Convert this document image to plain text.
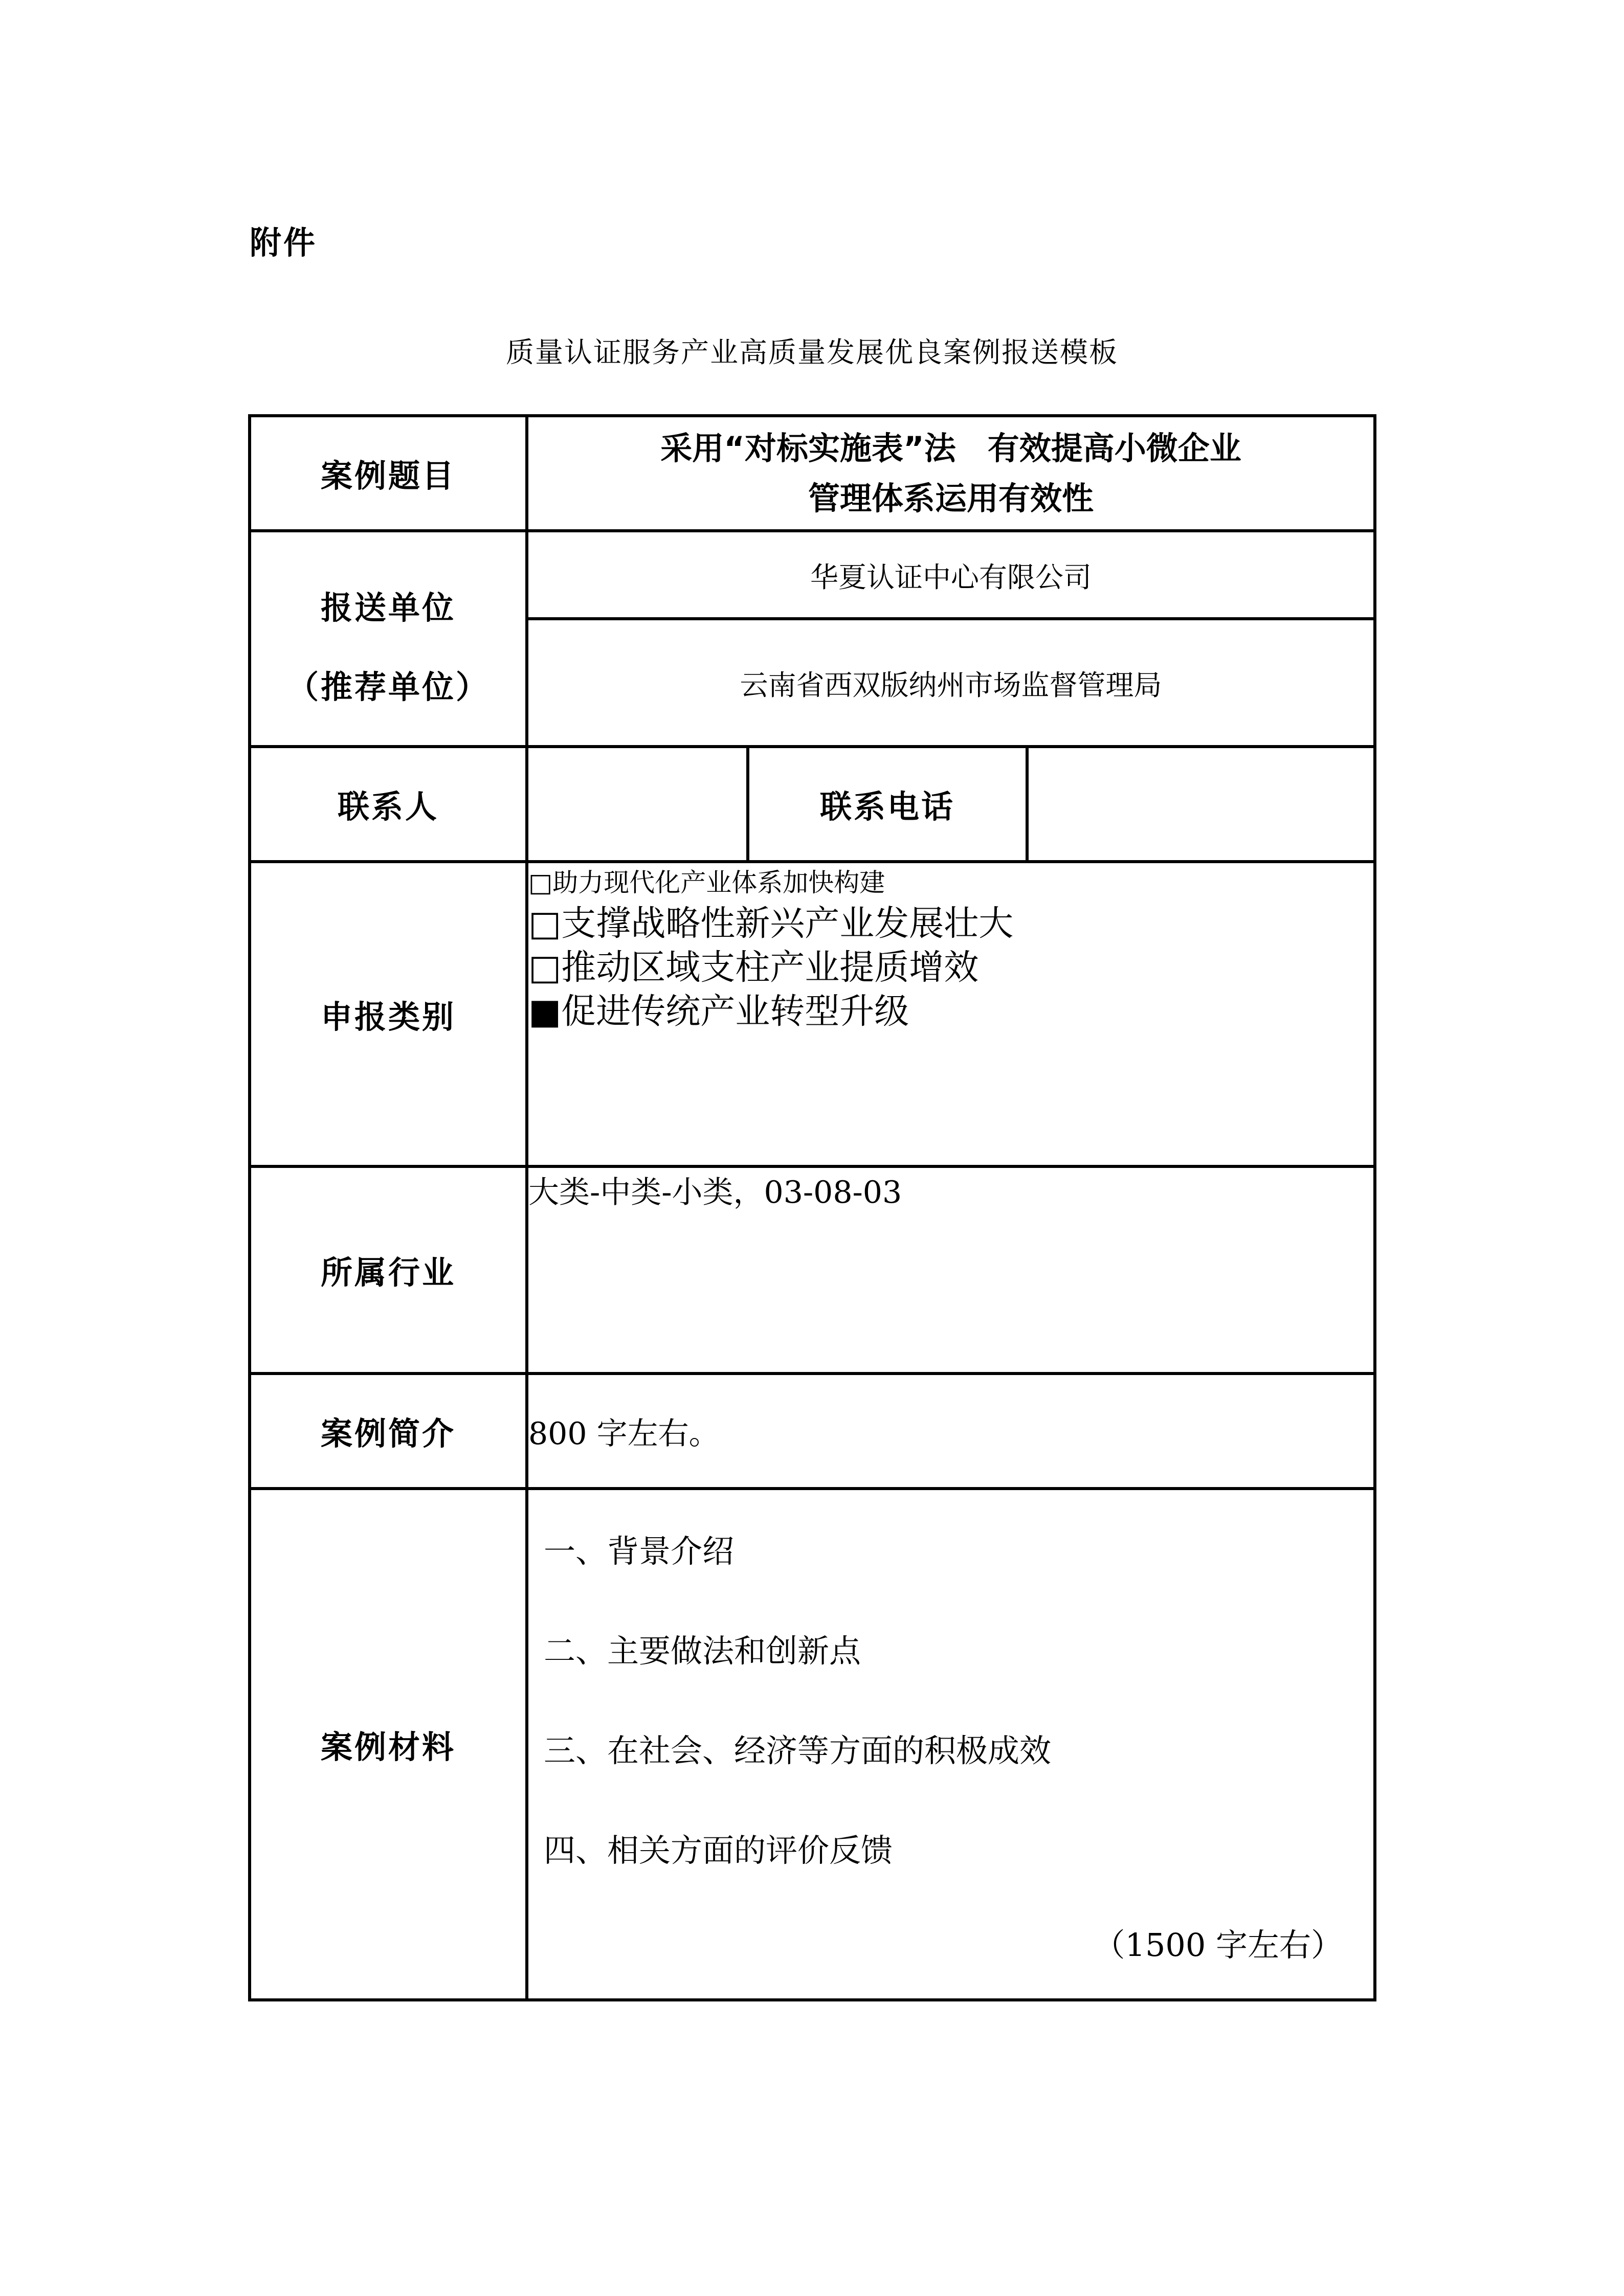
附件
质量认证服务产业高质量发展优良案例报送模板
案例题目	采用“对标实施表”法　有效提高小微企业
管理体系运用有效性		

报送单位
（推荐单位）	华夏认证中心有限公司		
	云南省西双版纳州市场监督管理局		
联系人		联系电话	
申报类别	□助力现代化产业体系加快构建
□支撑战略性新兴产业发展壮大
□推动区域支柱产业提质增效
■促进传统产业转型升级		

所属行业	大类-中类-小类，03-08-03		
案例简介	800 字左右。		
案例材料	一、背景介绍
二、主要做法和创新点
三、在社会、经济等方面的积极成效
四、相关方面的评价反馈
（1500 字左右）		
